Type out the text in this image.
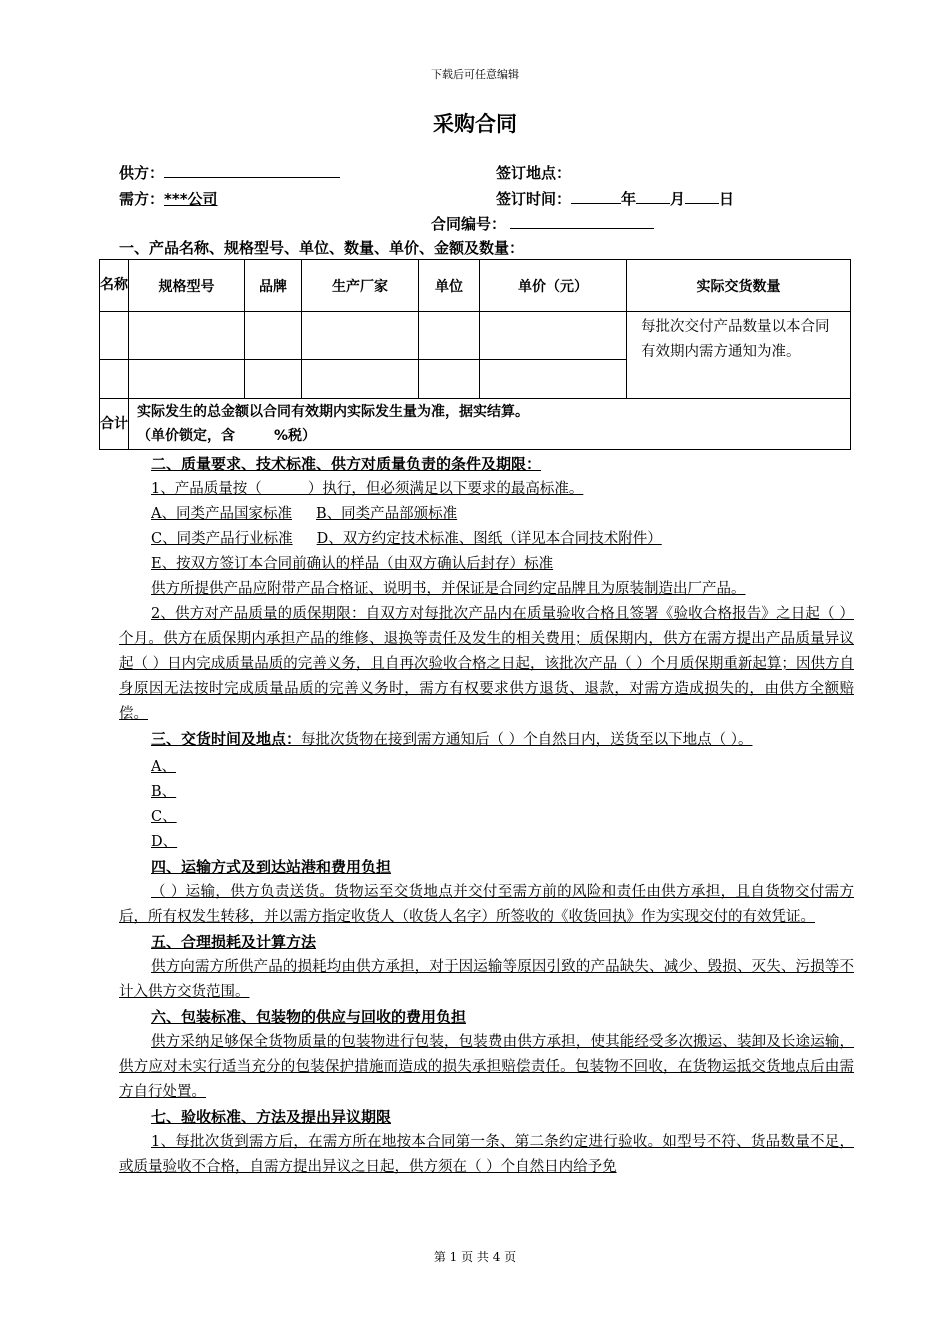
下载后可任意编辑
采购合同
供方：	签订地点：
需方：***公司	签订时间：	年 月 日
合同编号：
一、产品名称、规格型号、单位、数量、单价、金额及数量：
名称	规格型号	品牌	生产厂家	单位	单价（元）	实际交货数量
						每批次交付产品数量以本合同有效期内需方通知为准。

合计	实际发生的总金额以合同有效期内实际发生量为准，据实结算。
（单价锁定，含        %税）					

二、质量要求、技术标准、供方对质量负责的条件及期限：

1、产品质量按（          ）执行，但必须满足以下要求的最高标准。

A、同类产品国家标准 B、同类产品部颁标准

C、同类产品行业标准 D、双方约定技术标准、图纸（详见本合同技术附件）

E、按双方签订本合同前确认的样品（由双方确认后封存）标准

供方所提供产品应附带产品合格证、说明书，并保证是合同约定品牌且为原装制造出厂产品。

2、供方对产品质量的质保期限：自双方对每批次产品内在质量验收合格且签署《验收合格报告》之日起（ ）个月。供方在质保期内承担产品的维修、退换等责任及发生的相关费用；质保期内，供方在需方提出产品质量异议起（ ）日内完成质量品质的完善义务，且自再次验收合格之日起，该批次产品（ ）个月质保期重新起算；因供方自身原因无法按时完成质量品质的完善义务时，需方有权要求供方退货、退款，对需方造成损失的，由供方全额赔偿。

三、交货时间及地点：每批次货物在接到需方通知后（ ）个自然日内，送货至以下地点（ ）。

A、

B、

C、

D、

四、运输方式及到达站港和费用负担

（ ）运输，供方负责送货。货物运至交货地点并交付至需方前的风险和责任由供方承担，且自货物交付需方后，所有权发生转移，并以需方指定收货人（收货人名字）所签收的《收货回执》作为实现交付的有效凭证。

五、合理损耗及计算方法

供方向需方所供产品的损耗均由供方承担，对于因运输等原因引致的产品缺失、减少、毁损、灭失、污损等不计入供方交货范围。

六、包装标准、包装物的供应与回收的费用负担

供方采纳足够保全货物质量的包装物进行包装，包装费由供方承担，使其能经受多次搬运、装卸及长途运输，供方应对未实行适当充分的包装保护措施而造成的损失承担赔偿责任。包装物不回收，在货物运抵交货地点后由需方自行处置。

七、验收标准、方法及提出异议期限

1、每批次货到需方后，在需方所在地按本合同第一条、第二条约定进行验收。如型号不符、货品数量不足，或质量验收不合格，自需方提出异议之日起，供方须在（ ）个自然日内给予免

第 1 页 共 4 页
